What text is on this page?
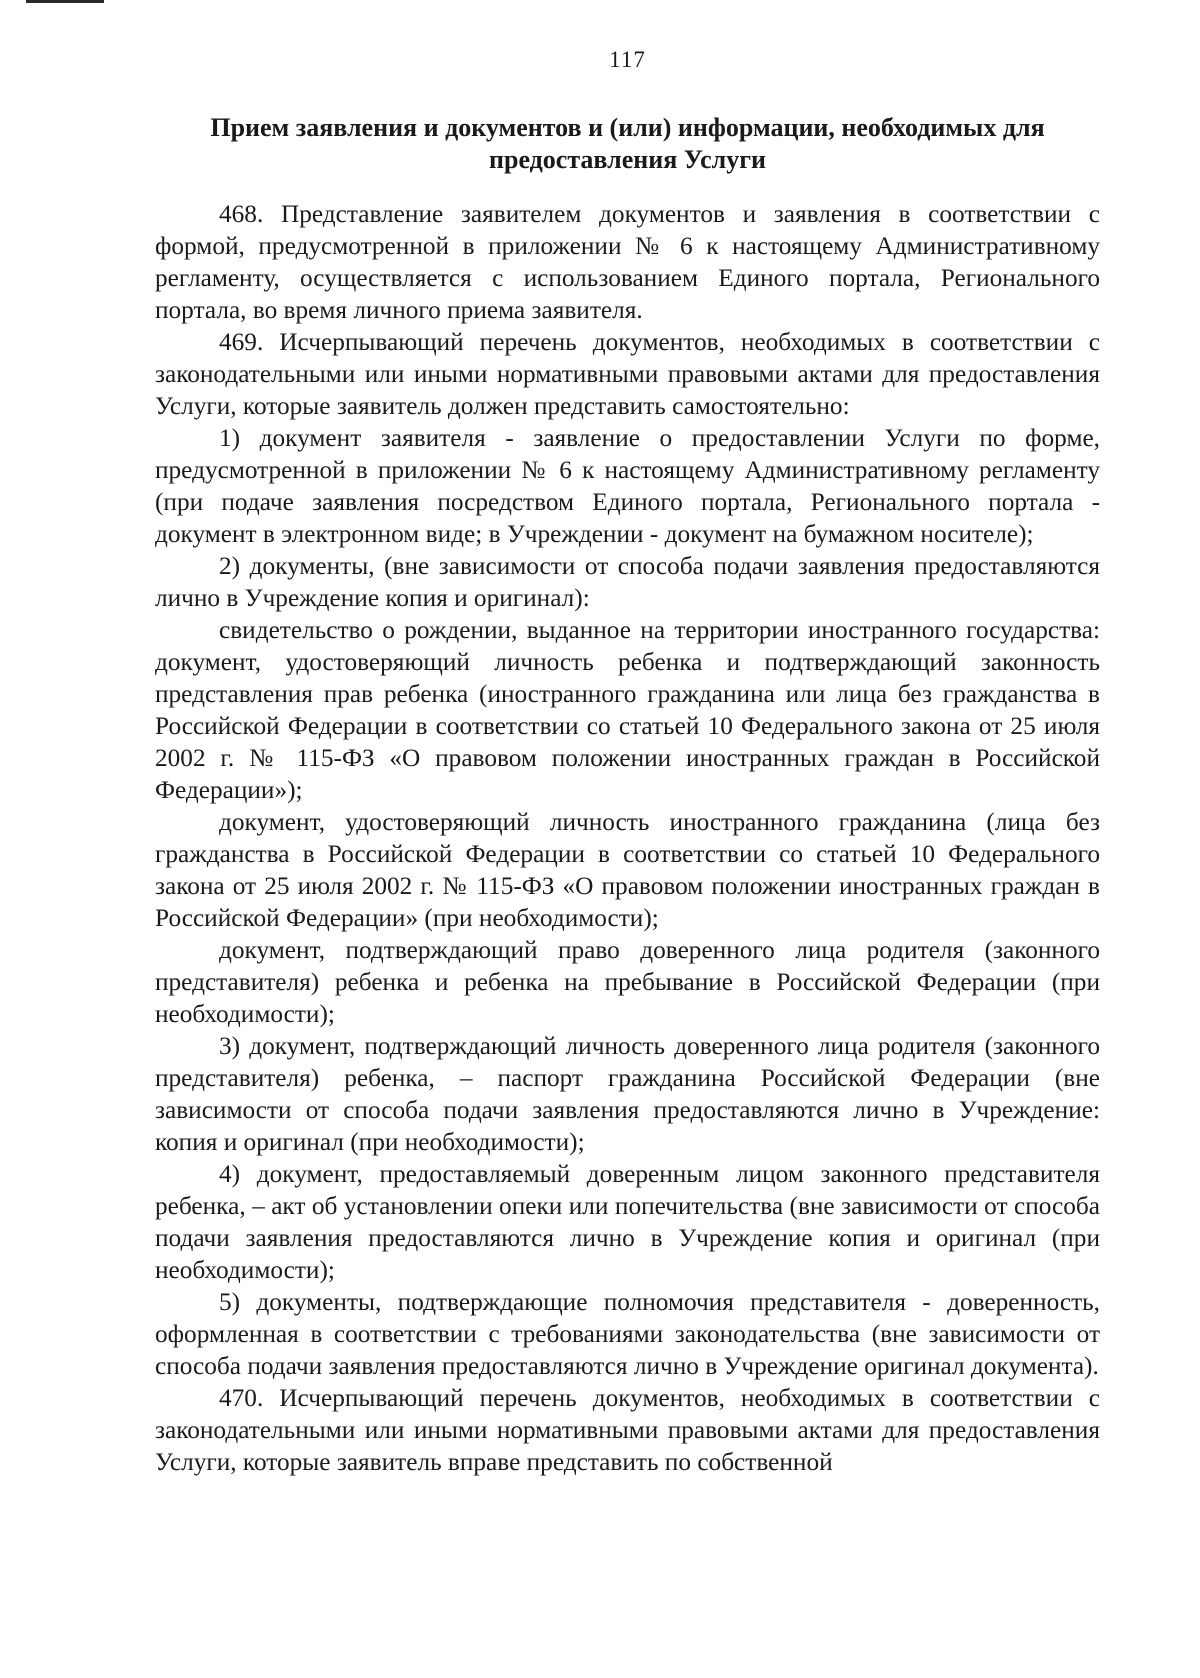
117
Прием заявления и документов и (или) информации, необходимых для предоставления Услуги

468. Представление заявителем документов и заявления в соответствии с формой, предусмотренной в приложении № 6 к настоящему Административному регламенту, осуществляется с использованием Единого портала, Регионального портала, во время личного приема заявителя.

469. Исчерпывающий перечень документов, необходимых в соответствии с законодательными или иными нормативными правовыми актами для предоставления Услуги, которые заявитель должен представить самостоятельно:

1) документ заявителя - заявление о предоставлении Услуги по форме, предусмотренной в приложении № 6 к настоящему Административному регламенту (при подаче заявления посредством Единого портала, Регионального портала - документ в электронном виде; в Учреждении - документ на бумажном носителе);

2) документы, (вне зависимости от способа подачи заявления предоставляются лично в Учреждение копия и оригинал):

свидетельство о рождении, выданное на территории иностранного государства: документ, удостоверяющий личность ребенка и подтверждающий законность представления прав ребенка (иностранного гражданина или лица без гражданства в Российской Федерации в соответствии со статьей 10 Федерального закона от 25 июля 2002 г. № 115-ФЗ «О правовом положении иностранных граждан в Российской Федерации»);

документ, удостоверяющий личность иностранного гражданина (лица без гражданства в Российской Федерации в соответствии со статьей 10 Федерального закона от 25 июля 2002 г. № 115-ФЗ «О правовом положении иностранных граждан в Российской Федерации» (при необходимости);

документ, подтверждающий право доверенного лица родителя (законного представителя) ребенка и ребенка на пребывание в Российской Федерации (при необходимости);

3) документ, подтверждающий личность доверенного лица родителя (законного представителя) ребенка, – паспорт гражданина Российской Федерации (вне зависимости от способа подачи заявления предоставляются лично в Учреждение: копия и оригинал (при необходимости);

4) документ, предоставляемый доверенным лицом законного представителя ребенка, – акт об установлении опеки или попечительства (вне зависимости от способа подачи заявления предоставляются лично в Учреждение копия и оригинал (при необходимости);

5) документы, подтверждающие полномочия представителя - доверенность, оформленная в соответствии с требованиями законодательства (вне зависимости от способа подачи заявления предоставляются лично в Учреждение оригинал документа).

470. Исчерпывающий перечень документов, необходимых в соответствии с законодательными или иными нормативными правовыми актами для предоставления Услуги, которые заявитель вправе представить по собственной
